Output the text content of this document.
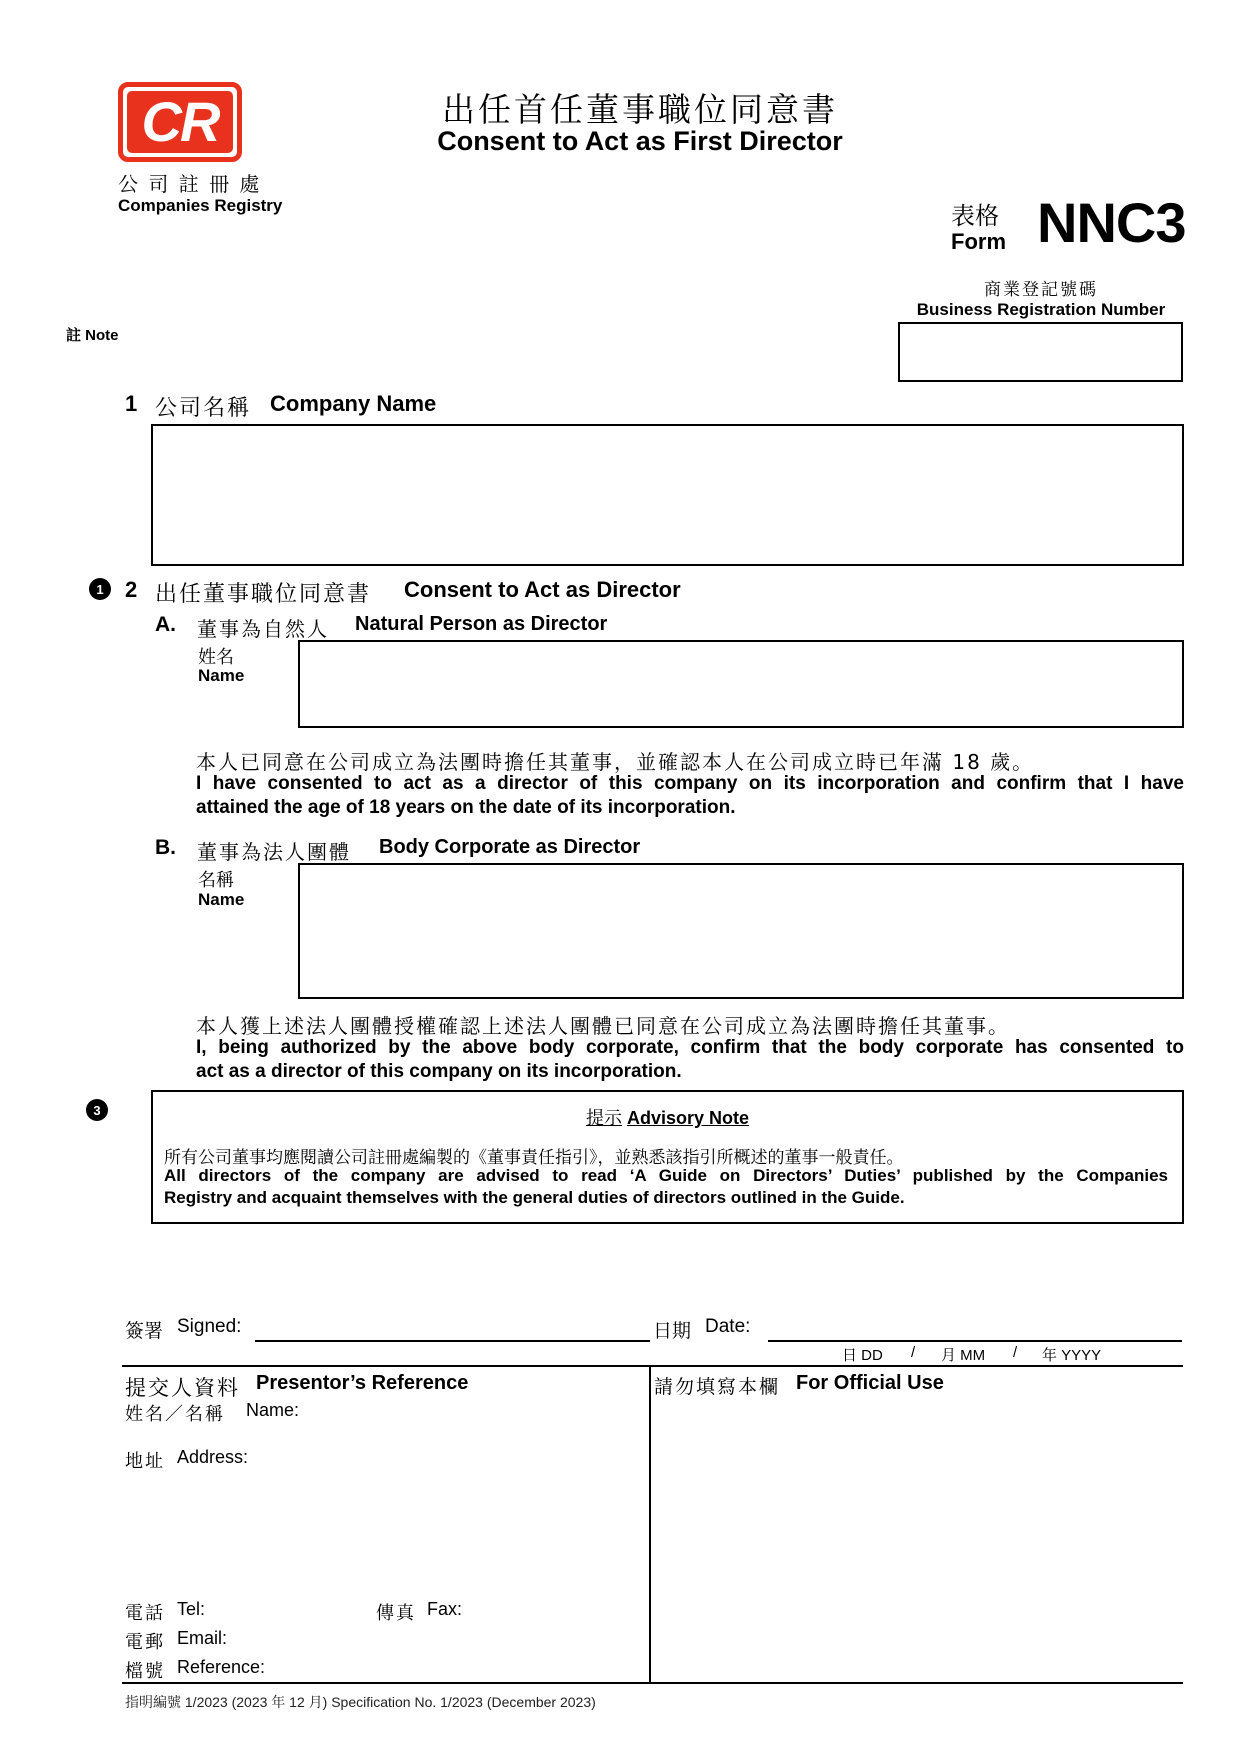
CR
公 司 註 冊 處
Companies Registry
出任首任董事職位同意書
Consent to Act as First Director
表格
Form NNC3
商業登記號碼
Business Registration Number
註 Note
1 公司名稱 Company Name
1 2 出任董事職位同意書 Consent to Act as Director
A. 董事為自然人 Natural Person as Director
姓名
Name
本人已同意在公司成立為法團時擔任其董事，並確認本人在公司成立時已年滿 18 歲。
I have consented to act as a director of this company on its incorporation and confirm that I have
attained the age of 18 years on the date of its incorporation.
B. 董事為法人團體 Body Corporate as Director
名稱
Name
本人獲上述法人團體授權確認上述法人團體已同意在公司成立為法團時擔任其董事。
I, being authorized by the above body corporate, confirm that the body corporate has consented to
act as a director of this company on its incorporation.
3	提示 Advisory Note
所有公司董事均應閱讀公司註冊處編製的《董事責任指引》，並熟悉該指引所概述的董事一般責任。
All directors of the company are advised to read ‘A Guide on Directors’ Duties’ published by the Companies
Registry and acquaint themselves with the general duties of directors outlined in the Guide.
簽署 Signed:	日期 Date:
日 DD / 月 MM / 年 YYYY
提交人資料 Presentor’s Reference
姓名／名稱 Name:
地址 Address:
電話 Tel:	傳真 Fax:
電郵 Email:
檔號 Reference:
請勿填寫本欄 For Official Use
指明編號 1/2023 (2023 年 12 月) Specification No. 1/2023 (December 2023)
